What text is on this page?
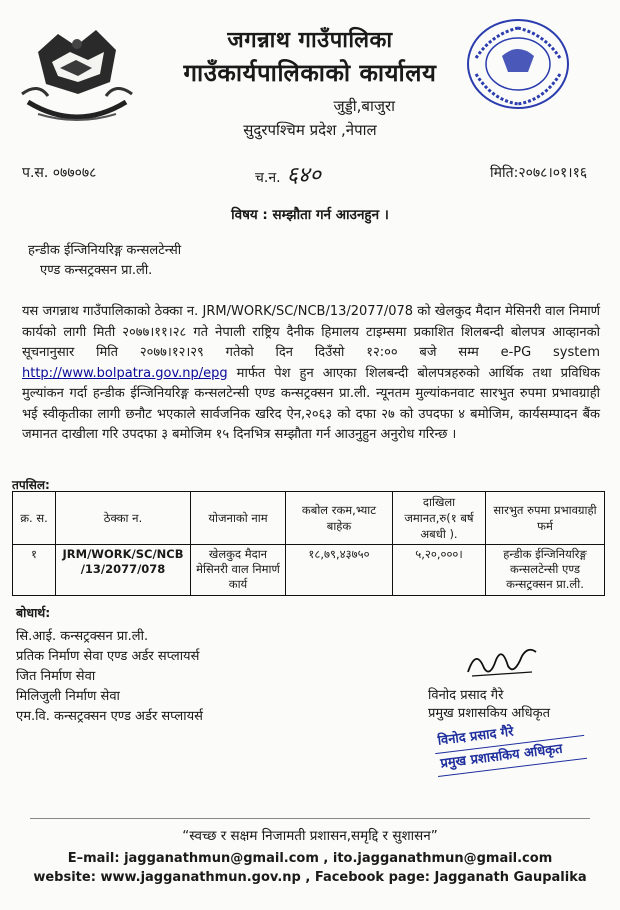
जगन्नाथ गाउँपालिका
गाउँकार्यपालिकाको कार्यालय
जुड्डी,बाजुरा
सुदुरपश्चिम प्रदेश ,नेपाल
प.स. ०७७०७८	च.न. ६४०	मिति:२०७८।०१।१६
विषय : सम्झौता गर्न आउनहुन ।
हन्डीक ईन्जिनियरिङ्ग कन्सलटेन्सी
एण्ड कन्सट्रक्सन प्रा.ली.
यस जगन्नाथ गाउँपालिकाको ठेक्का न. JRM/WORK/SC/NCB/13/2077/078 को खेलकुद मैदान मेसिनरी वाल निमार्ण कार्यको लागी मिती २०७७।११।२८ गते नेपाली राष्ट्रिय दैनीक हिमालय टाइम्समा प्रकाशित शिलबन्दी बोलपत्र आव्हानको सूचनानुसार मिति २०७७।१२।२९ गतेको दिन दिउँसो १२:०० बजे सम्म e-PG system http://www.bolpatra.gov.np/epg मार्फत पेश हुन आएका शिलबन्दी बोलपत्रहरुको आर्थिक तथा प्रविधिक मुल्यांकन गर्दा हन्डीक ईन्जिनियरिङ्ग कन्सलटेन्सी एण्ड कन्सट्रक्सन प्रा.ली. न्यूनतम मुल्यांकनवाट सारभुत रुपमा प्रभावग्राही भई स्वीकृतीका लागी छनौट भएकाले सार्वजनिक खरिद ऐन,२०६३ को दफा २७ को उपदफा ४ बमोजिम, कार्यसम्पादन बैंक जमानत दाखीला गरि उपदफा ३ बमोजिम १५ दिनभित्र सम्झौता गर्न आउनुहुन अनुरोध गरिन्छ ।
तपसिल:
क्र. स.	ठेक्का न.	योजनाको नाम	कबोल रकम,भ्याट बाहेक	दाखिला जमानत,रु(१ बर्ष अबधी ).	सारभुत रुपमा प्रभावग्राही फर्म
१	JRM/WORK/SC/NCB /13/2077/078	खेलकुद मैदान मेसिनरी वाल निमार्ण कार्य	१८,७९,४३७५०	५,२०,०००।	हन्डीक ईन्जिनियरिङ्ग कन्सलटेन्सी एण्ड कन्सट्रक्सन प्रा.ली.
बोधार्थ:
सि.आई. कन्सट्रक्सन प्रा.ली.
प्रतिक निर्माण सेवा एण्ड अर्डर सप्लायर्स
जित निर्माण सेवा
मिलिजुली निर्माण सेवा
एम.वि. कन्सट्रक्सन एण्ड अर्डर सप्लायर्स
विनोद प्रसाद गैरे
प्रमुख प्रशासकिय अधिकृत
विनोद प्रसाद गैरे
प्रमुख प्रशासकिय अधिकृत
“स्वच्छ र सक्षम निजामती प्रशासन,समृद्दि र सुशासन”
E–mail: jagganathmun@gmail.com , ito.jagganathmun@gmail.com
website: www.jagganathmun.gov.np , Facebook page: Jagganath Gaupalika
